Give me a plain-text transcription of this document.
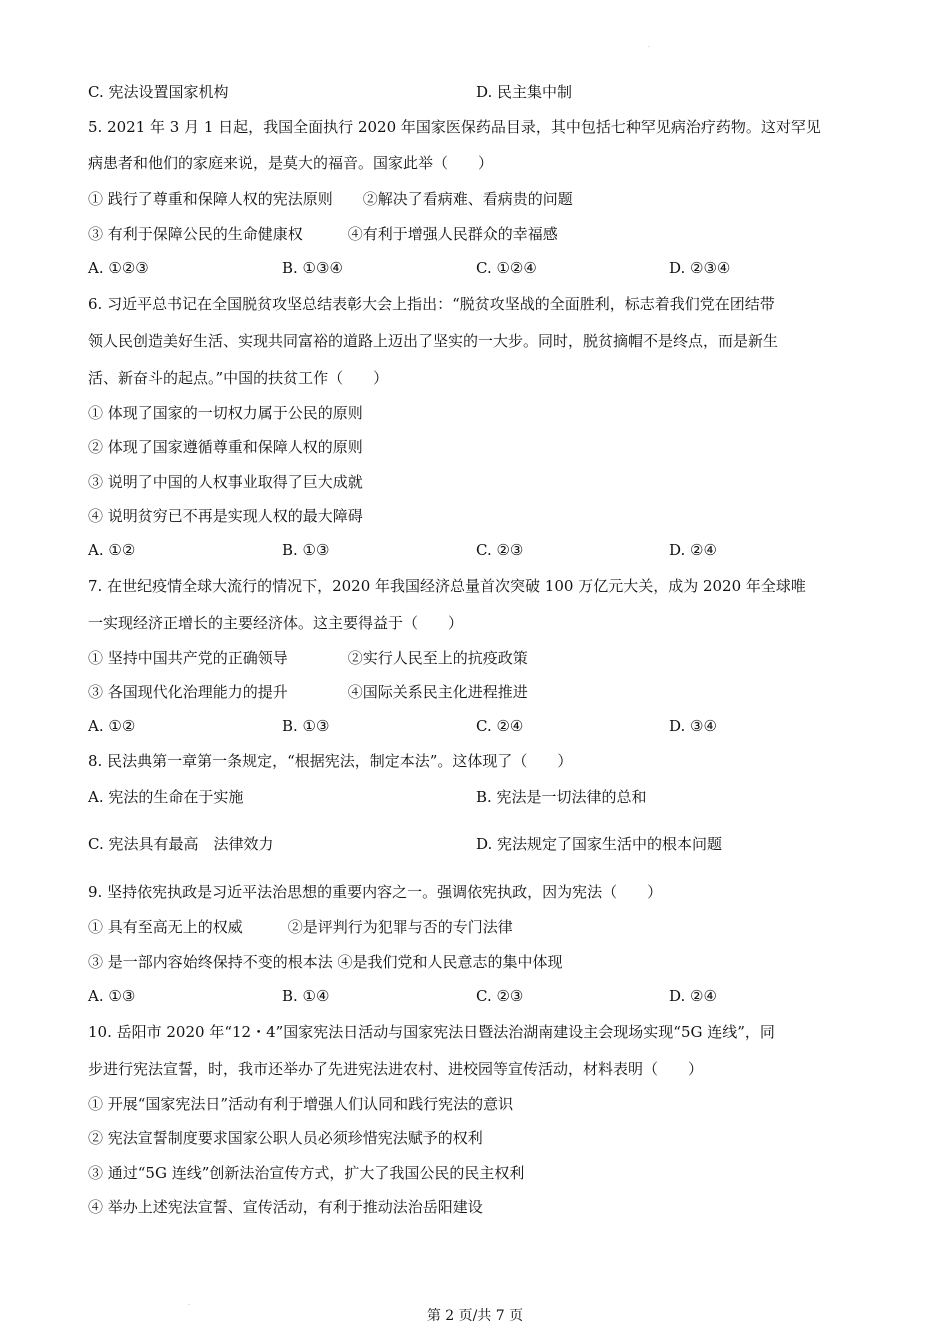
.
.
C. 宪法设置国家机构	D. 民主集中制
5. 2021 年 3 月 1 日起，我国全面执行 2020 年国家医保药品目录，其中包括七种罕见病治疗药物。这对罕见
病患者和他们的家庭来说，是莫大的福音。国家此举（　　）
① 践行了尊重和保障人权的宪法原则　　②解决了看病难、看病贵的问题
③ 有利于保障公民的生命健康权　　　④有利于增强人民群众的幸福感
A. ①②③	B. ①③④	C. ①②④	D. ②③④
6. 习近平总书记在全国脱贫攻坚总结表彰大会上指出：“脱贫攻坚战的全面胜利，标志着我们党在团结带
领人民创造美好生活、实现共同富裕的道路上迈出了坚实的一大步。同时，脱贫摘帽不是终点，而是新生
活、新奋斗的起点。”中国的扶贫工作（　　）
① 体现了国家的一切权力属于公民的原则
② 体现了国家遵循尊重和保障人权的原则
③ 说明了中国的人权事业取得了巨大成就
④ 说明贫穷已不再是实现人权的最大障碍
A. ①②	B. ①③	C. ②③	D. ②④
7. 在世纪疫情全球大流行的情况下，2020 年我国经济总量首次突破 100 万亿元大关，成为 2020 年全球唯
一实现经济正增长的主要经济体。这主要得益于（　　）
① 坚持中国共产党的正确领导　　　　②实行人民至上的抗疫政策
③ 各国现代化治理能力的提升　　　　④国际关系民主化进程推进
A. ①②	B. ①③	C. ②④	D. ③④
8. 民法典第一章第一条规定，“根据宪法，制定本法”。这体现了（　　）
A. 宪法的生命在于实施	B. 宪法是一切法律的总和
C. 宪法具有最高　法律效力	D. 宪法规定了国家生活中的根本问题
9. 坚持依宪执政是习近平法治思想的重要内容之一。强调依宪执政，因为宪法（　　）
① 具有至高无上的权威　　　②是评判行为犯罪与否的专门法律
③ 是一部内容始终保持不变的根本法 ④是我们党和人民意志的集中体现
A. ①③	B. ①④	C. ②③	D. ②④
10. 岳阳市 2020 年“12・4”国家宪法日活动与国家宪法日暨法治湖南建设主会现场实现“5G 连线”，同
步进行宪法宣誓，时，我市还举办了先进宪法进农村、进校园等宣传活动，材料表明（　　）
① 开展“国家宪法日”活动有利于增强人们认同和践行宪法的意识
② 宪法宣誓制度要求国家公职人员必须珍惜宪法赋予的权利
③ 通过“5G 连线”创新法治宣传方式，扩大了我国公民的民主权利
④ 举办上述宪法宣誓、宣传活动，有利于推动法治岳阳建设
第 2 页/共 7 页
